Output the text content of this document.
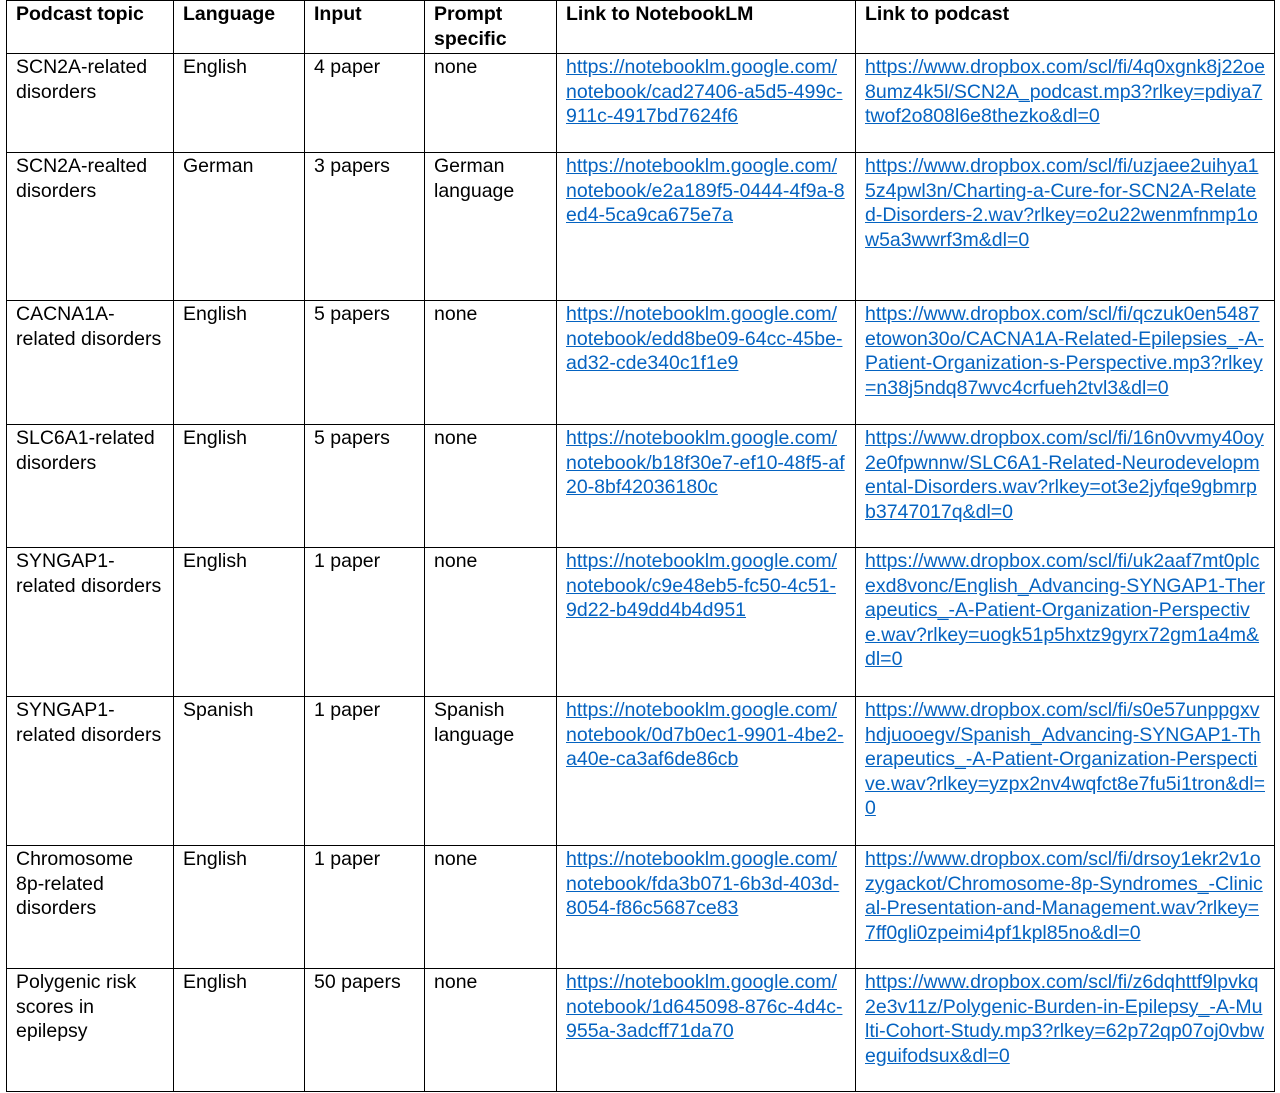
Podcast topic	Language	Input	Prompt specific	Link to NotebookLM	Link to podcast
SCN2A-related disorders	English	4 paper	none	https://notebooklm.google.com/notebook/cad27406-a5d5-499c-911c-4917bd7624f6	https://www.dropbox.com/scl/fi/4q0xgnk8j22oe8umz4k5l/SCN2A_podcast.mp3?rlkey=pdiya7twof2o808l6e8thezko&dl=0
SCN2A-realted disorders	German	3 papers	German language	https://notebooklm.google.com/notebook/e2a189f5-0444-4f9a-8ed4-5ca9ca675e7a	https://www.dropbox.com/scl/fi/uzjaee2uihya15z4pwl3n/Charting-a-Cure-for-SCN2A-Related-Disorders-2.wav?rlkey=o2u22wenmfnmp1ow5a3wwrf3m&dl=0
CACNA1A-related disorders	English	5 papers	none	https://notebooklm.google.com/notebook/edd8be09-64cc-45be-ad32-cde340c1f1e9	https://www.dropbox.com/scl/fi/qczuk0en5487etowon30o/CACNA1A-Related-Epilepsies_-A-Patient-Organization-s-Perspective.mp3?rlkey=n38j5ndq87wvc4crfueh2tvl3&dl=0
SLC6A1-related disorders	English	5 papers	none	https://notebooklm.google.com/notebook/b18f30e7-ef10-48f5-af20-8bf42036180c	https://www.dropbox.com/scl/fi/16n0vvmy40oy2e0fpwnnw/SLC6A1-Related-Neurodevelopmental-Disorders.wav?rlkey=ot3e2jyfqe9gbmrpb3747017q&dl=0
SYNGAP1-related disorders	English	1 paper	none	https://notebooklm.google.com/notebook/c9e48eb5-fc50-4c51-9d22-b49dd4b4d951	https://www.dropbox.com/scl/fi/uk2aaf7mt0plcexd8vonc/English_Advancing-SYNGAP1-Therapeutics_-A-Patient-Organization-Perspective.wav?rlkey=uogk51p5hxtz9gyrx72gm1a4m&dl=0
SYNGAP1-related disorders	Spanish	1 paper	Spanish language	https://notebooklm.google.com/notebook/0d7b0ec1-9901-4be2-a40e-ca3af6de86cb	https://www.dropbox.com/scl/fi/s0e57unppgxvhdjuooegv/Spanish_Advancing-SYNGAP1-Therapeutics_-A-Patient-Organization-Perspective.wav?rlkey=yzpx2nv4wqfct8e7fu5i1tron&dl=0
Chromosome 8p-related disorders	English	1 paper	none	https://notebooklm.google.com/notebook/fda3b071-6b3d-403d-8054-f86c5687ce83	https://www.dropbox.com/scl/fi/drsoy1ekr2v1ozygackot/Chromosome-8p-Syndromes_-Clinical-Presentation-and-Management.wav?rlkey=7ff0gli0zpeimi4pf1kpl85no&dl=0
Polygenic risk scores in epilepsy	English	50 papers	none	https://notebooklm.google.com/notebook/1d645098-876c-4d4c-955a-3adcff71da70	https://www.dropbox.com/scl/fi/z6dqhttf9lpvkq2e3v11z/Polygenic-Burden-in-Epilepsy_-A-Multi-Cohort-Study.mp3?rlkey=62p72qp07oj0vbweguifodsux&dl=0
